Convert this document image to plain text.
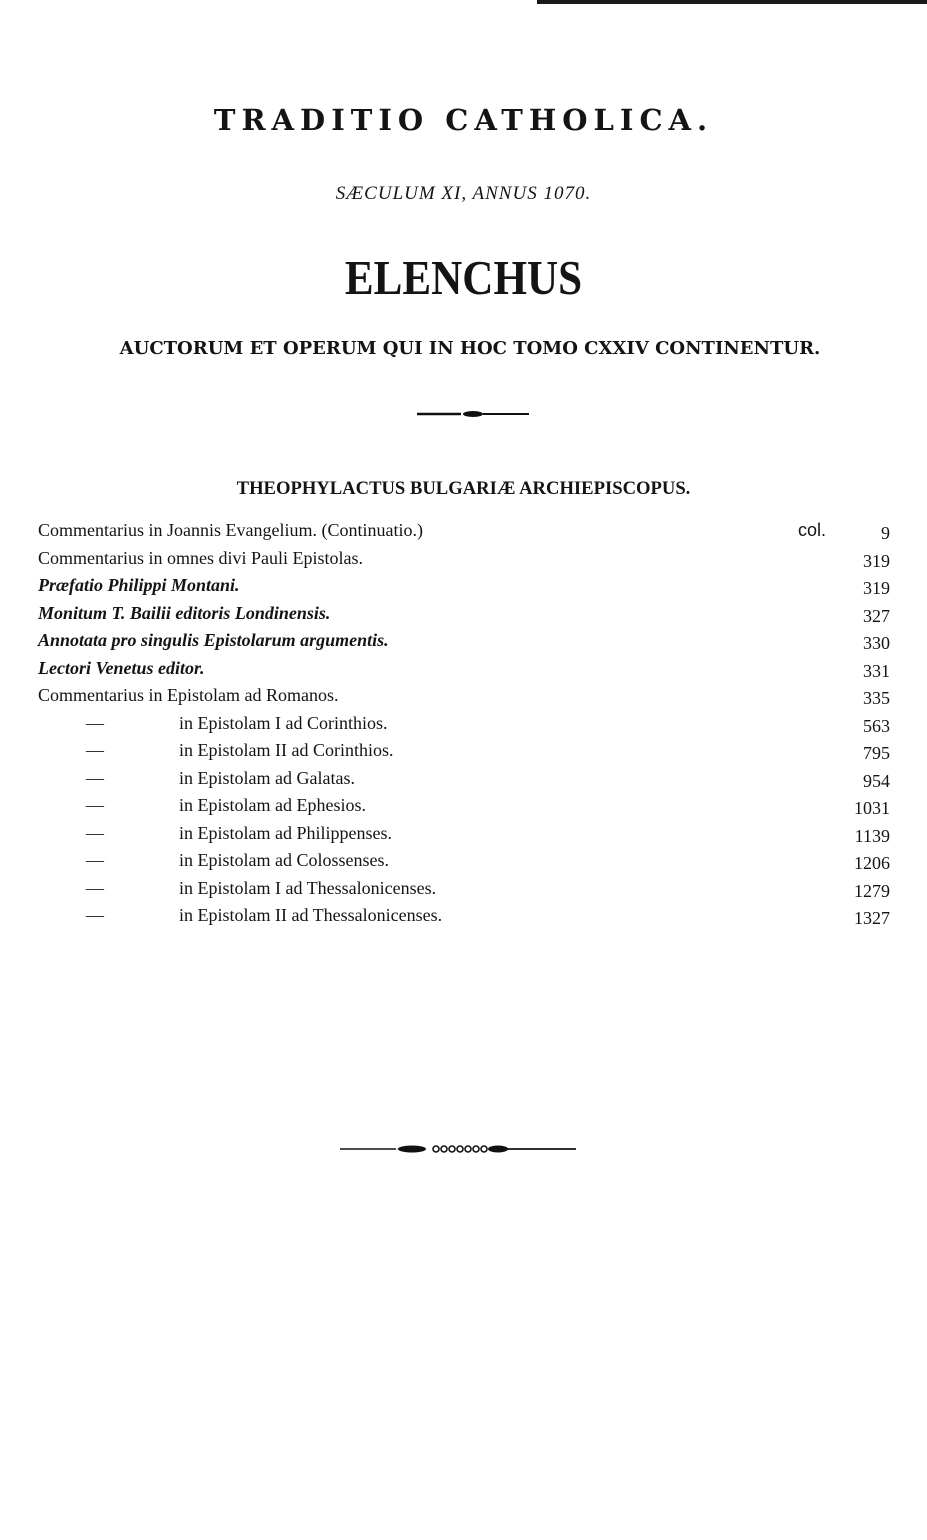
TRADITIO CATHOLICA.
SÆCULUM XI, ANNUS 1070.
ELENCHUS
AUCTORUM ET OPERUM QUI IN HOC TOMO CXXIV CONTINENTUR.
THEOPHYLACTUS BULGARIÆ ARCHIEPISCOPUS.
Commentarius in Joannis Evangelium. (Continuatio.)	col.	9
Commentarius in omnes divi Pauli Epistolas.	319
Præfatio Philippi Montani.	319
Monitum T. Bailii editoris Londinensis.	327
Annotata pro singulis Epistolarum argumentis.	330
Lectori Venetus editor.	331
Commentarius in Epistolam ad Romanos.	335
—	in Epistolam I ad Corinthios.	563
—	in Epistolam II ad Corinthios.	795
—	in Epistolam ad Galatas.	954
—	in Epistolam ad Ephesios.	1031
—	in Epistolam ad Philippenses.	1139
—	in Epistolam ad Colossenses.	1206
—	in Epistolam I ad Thessalonicenses.	1279
—	in Epistolam II ad Thessalonicenses.	1327
